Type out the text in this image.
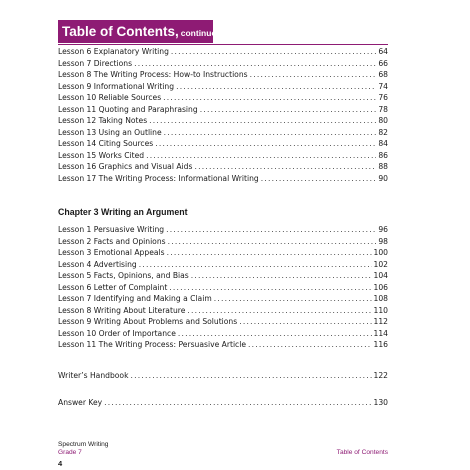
Table of Contents, continued
Lesson 6 Explanatory Writing . . .	64
Lesson 7 Directions . . .	66
Lesson 8 The Writing Process: How-to Instructions . . .	68
Lesson 9 Informational Writing . . .	74
Lesson 10 Reliable Sources . . .	76
Lesson 11 Quoting and Paraphrasing . . .	78
Lesson 12 Taking Notes . . .	80
Lesson 13 Using an Outline . . .	82
Lesson 14 Citing Sources . . .	84
Lesson 15 Works Cited . . .	86
Lesson 16 Graphics and Visual Aids . . .	88
Lesson 17 The Writing Process: Informational Writing . . .	90
Chapter 3 Writing an Argument
Lesson 1 Persuasive Writing . . .	96
Lesson 2 Facts and Opinions . . .	98
Lesson 3 Emotional Appeals . . .	100
Lesson 4 Advertising . . .	102
Lesson 5 Facts, Opinions, and Bias . . .	104
Lesson 6 Letter of Complaint . . .	106
Lesson 7 Identifying and Making a Claim . . .	108
Lesson 8 Writing About Literature . . .	110
Lesson 9 Writing About Problems and Solutions . . .	112
Lesson 10 Order of Importance . . .	114
Lesson 11 The Writing Process: Persuasive Article . . .	116
Writer’s Handbook . . .	122
Answer Key . . .	130
Spectrum Writing
Grade 7
4
Table of Contents
